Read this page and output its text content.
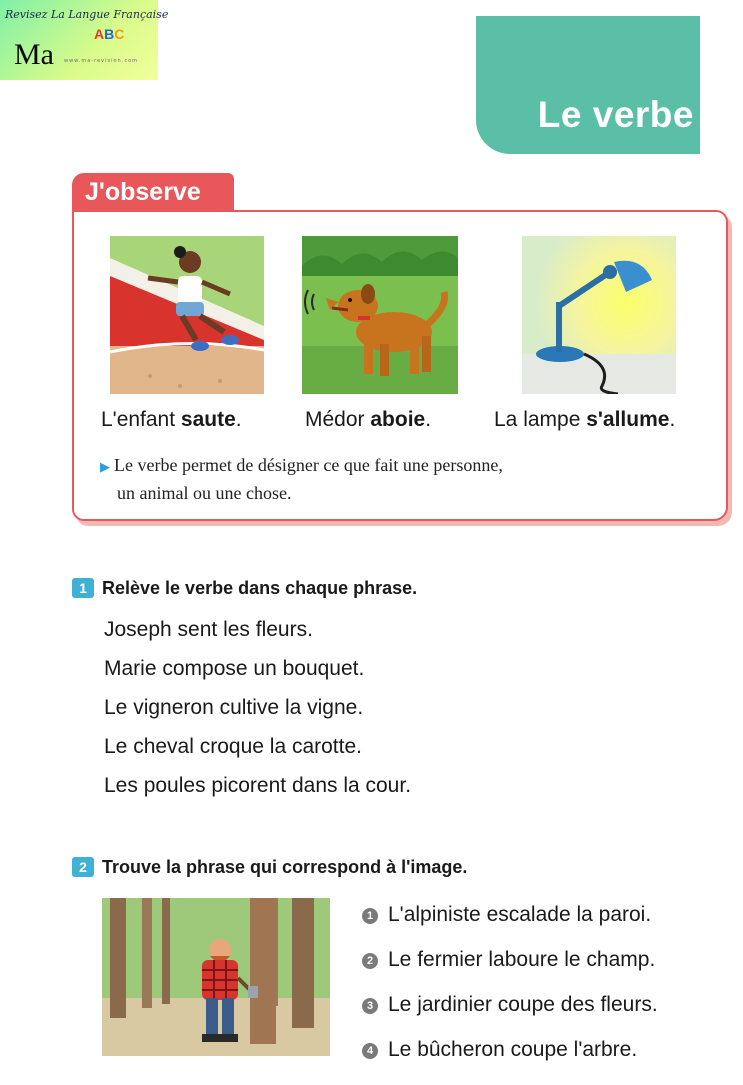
Revisez La Langue Française
Ma
ABC
www.ma-revision.com
Le verbe
J'observe
L'enfant saute.	Médor aboie.	La lampe s'allume.
▶ Le verbe permet de désigner ce que fait une personne,
un animal ou une chose.
1 Relève le verbe dans chaque phrase.
Joseph sent les fleurs.
Marie compose un bouquet.
Le vigneron cultive la vigne.
Le cheval croque la carotte.
Les poules picorent dans la cour.
2 Trouve la phrase qui correspond à l'image.
1 L'alpiniste escalade la paroi.
2 Le fermier laboure le champ.
3 Le jardinier coupe des fleurs.
4 Le bûcheron coupe l'arbre.
